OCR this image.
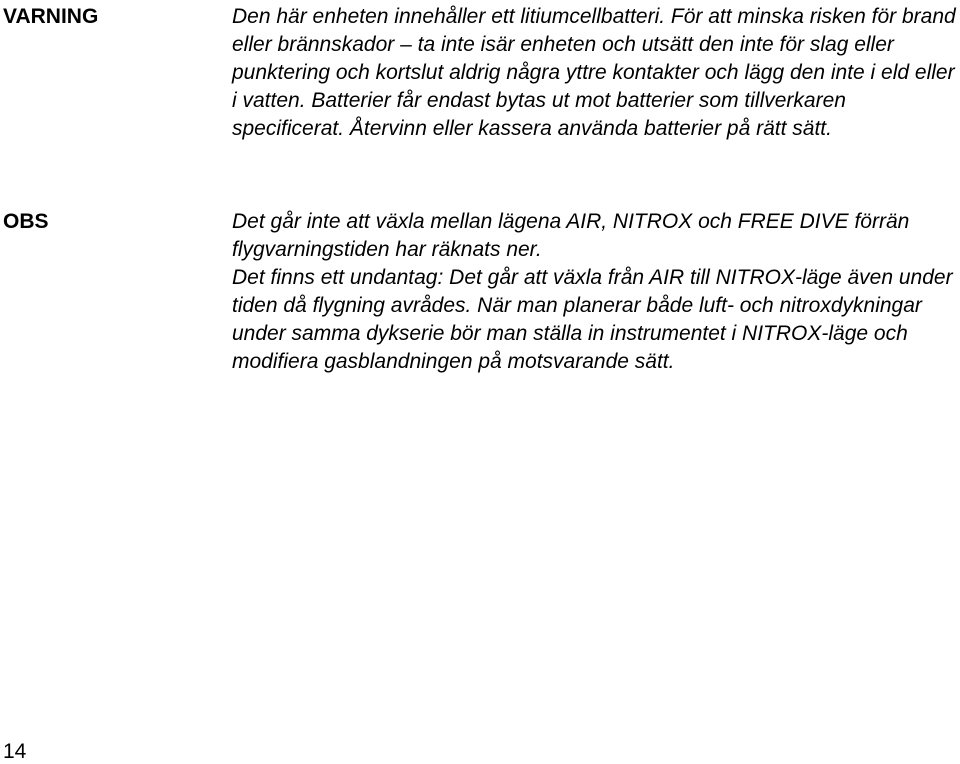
VARNING	Den här enheten innehåller ett litiumcellbatteri. För att minska risken för brand eller brännskador – ta inte isär enheten och utsätt den inte för slag eller punktering och kortslut aldrig några yttre kontakter och lägg den inte i eld eller i vatten. Batterier får endast bytas ut mot batterier som tillverkaren specificerat. Återvinn eller kassera använda batterier på rätt sätt.

OBS	Det går inte att växla mellan lägena AIR, NITROX och FREE DIVE förrän flygvarningstiden har räknats ner.

Det finns ett undantag: Det går att växla från AIR till NITROX-läge även under tiden då flygning avrådes. När man planerar både luft- och nitroxdykningar under samma dykserie bör man ställa in instrumentet i NITROX-läge och modifiera gasblandningen på motsvarande sätt.

14
